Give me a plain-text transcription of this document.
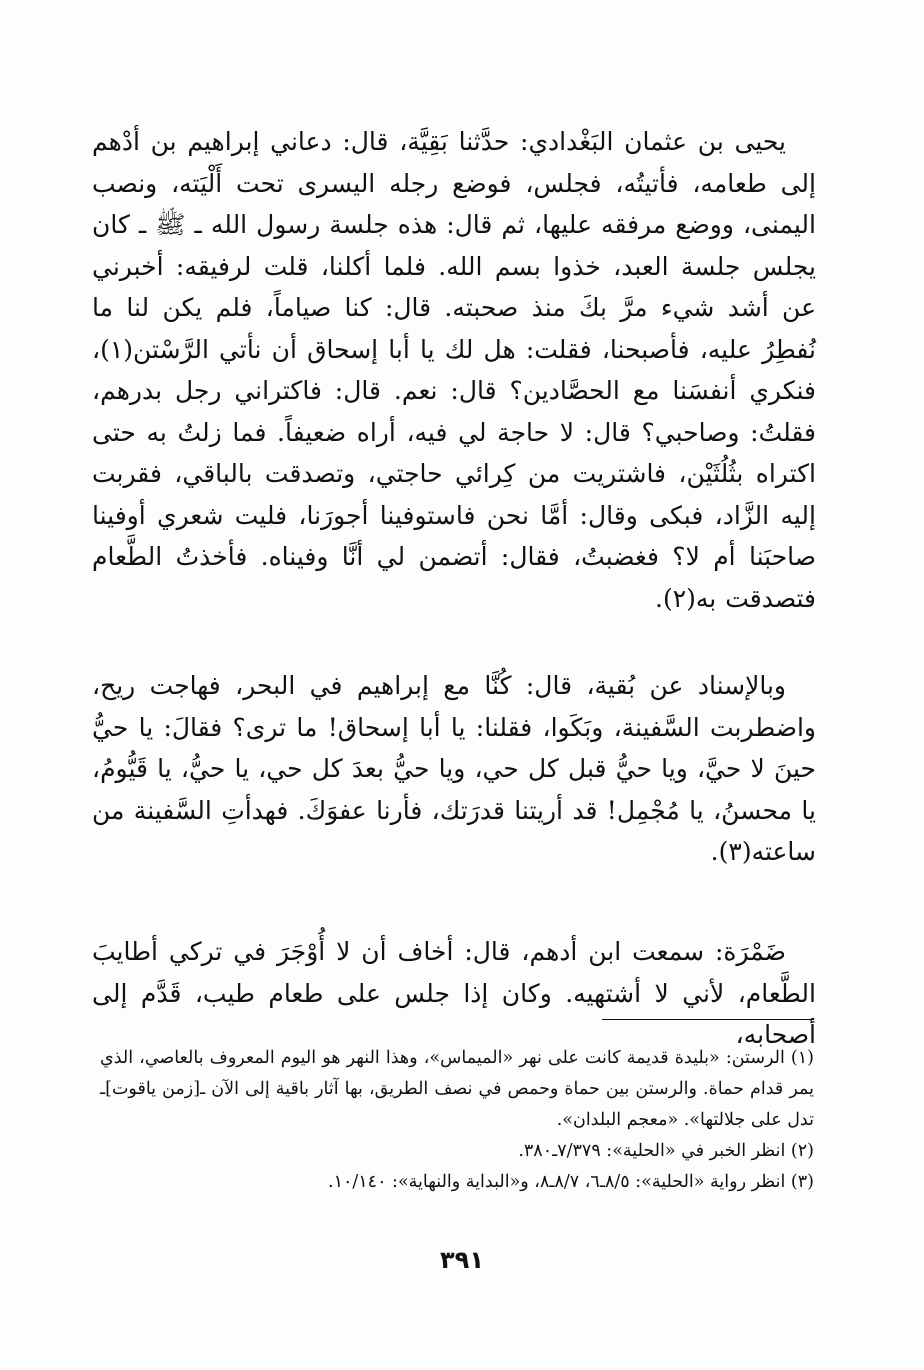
يحيى بن عثمان البَغْدادي: حدَّثنا بَقِيَّة، قال: دعاني إبراهيم بن أدْهم إلى طعامه، فأتيتُه، فجلس، فوضع رجله اليسرى تحت أَلْيَته، ونصب اليمنى، ووضع مرفقه عليها، ثم قال: هذه جلسة رسول الله ـ ﷺ ـ كان يجلس جلسة العبد، خذوا بسم الله. فلما أكلنا، قلت لرفيقه: أخبرني عن أشد شيء مرَّ بكَ منذ صحبته. قال: كنا صياماً، فلم يكن لنا ما نُفطِرُ عليه، فأصبحنا، فقلت: هل لك يا أبا إسحاق أن نأتي الرَّسْتن(١)، فنكري أنفسَنا مع الحصَّادين؟ قال: نعم. قال: فاكتراني رجل بدرهم، فقلتُ: وصاحبي؟ قال: لا حاجة لي فيه، أراه ضعيفاً. فما زلتُ به حتى اكتراه بثُلُثَيْن، فاشتريت من كِرائي حاجتي، وتصدقت بالباقي، فقربت إليه الزَّاد، فبكى وقال: أمَّا نحن فاستوفينا أجورَنا، فليت شعري أوفينا صاحبَنا أم لا؟ فغضبتُ، فقال: أتضمن لي أنَّا وفيناه. فأخذتُ الطَّعام فتصدقت به(٢).

وبالإسناد عن بُقية، قال: كُنَّا مع إبراهيم في البحر، فهاجت ريح، واضطربت السَّفينة، وبَكَوا، فقلنا: يا أبا إسحاق! ما ترى؟ فقالَ: يا حيُّ حينَ لا حيَّ، ويا حيُّ قبل كل حي، ويا حيُّ بعدَ كل حي، يا حيُّ، يا قَيُّومُ، يا محسنُ، يا مُجْمِل! قد أريتنا قدرَتك، فأرنا عفوَكَ. فهدأتِ السَّفينة من ساعته(٣).

ضَمْرَة: سمعت ابن أدهم، قال: أخاف أن لا أُوْجَرَ في تركي أطايبَ الطَّعام، لأني لا أشتهيه. وكان إذا جلس على طعام طيب، قَدَّم إلى أصحابه،

(١) الرستن: «بليدة قديمة كانت على نهر «الميماس»، وهذا النهر هو اليوم المعروف بالعاصي، الذي يمر قدام حماة. والرستن بين حماة وحمص في نصف الطريق، بها آثار باقية إلى الآن ـ[زمن ياقوت]ـ تدل على جلالتها». «معجم البلدان».

(٢) انظر الخبر في «الحلية»: ٧/٣٧٩ـ٣٨٠.

(٣) انظر رواية «الحلية»: ٨/٥ـ٦، ٨/٧ـ٨، و«البداية والنهاية»: ١٠/١٤٠.

٣٩١
